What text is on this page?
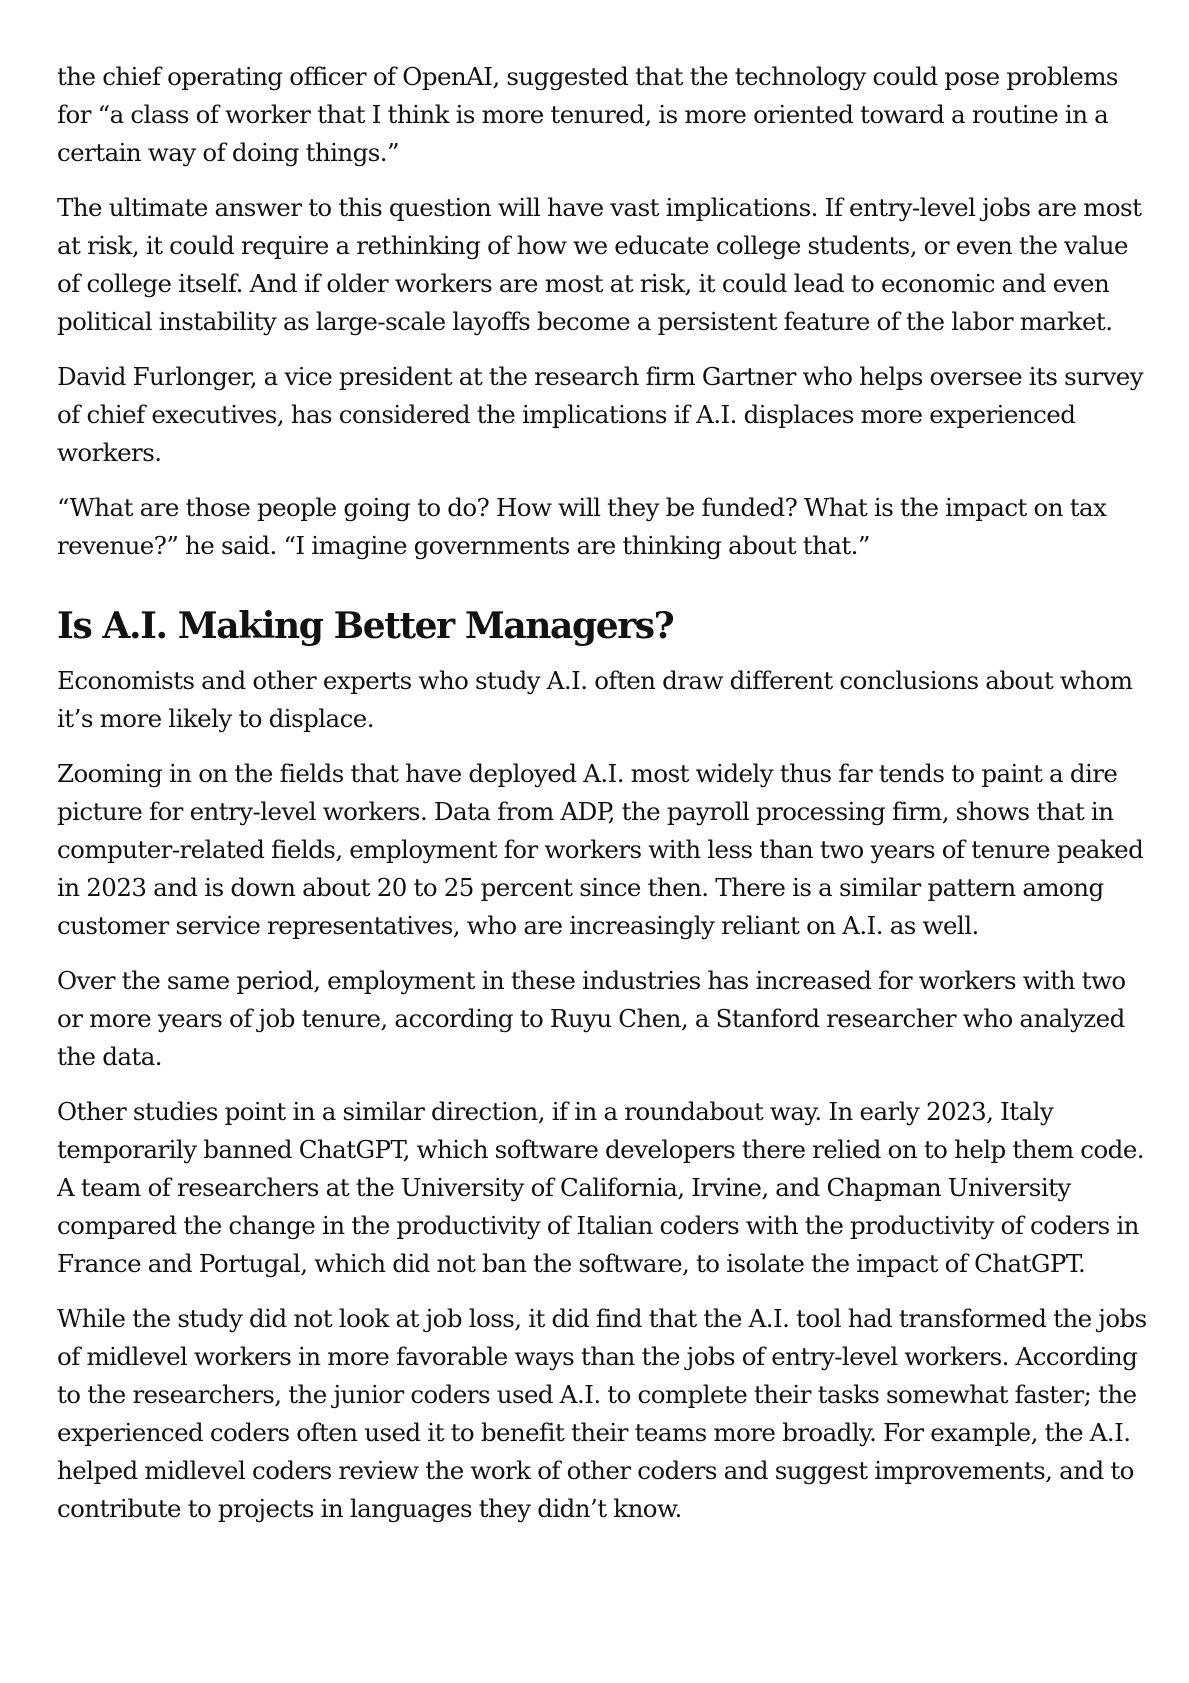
the chief operating officer of OpenAI, suggested that the technology could pose problems for “a class of worker that I think is more tenured, is more oriented toward a routine in a certain way of doing things.”

The ultimate answer to this question will have vast implications. If entry-level jobs are most at risk, it could require a rethinking of how we educate college students, or even the value of college itself. And if older workers are most at risk, it could lead to economic and even political instability as large-scale layoffs become a persistent feature of the labor market.

David Furlonger, a vice president at the research firm Gartner who helps oversee its survey of chief executives, has considered the implications if A.I. displaces more experienced workers.

“What are those people going to do? How will they be funded? What is the impact on tax revenue?” he said. “I imagine governments are thinking about that.”

Is A.I. Making Better Managers?

Economists and other experts who study A.I. often draw different conclusions about whom it’s more likely to displace.

Zooming in on the fields that have deployed A.I. most widely thus far tends to paint a dire picture for entry-level workers. Data from ADP, the payroll processing firm, shows that in computer-related fields, employment for workers with less than two years of tenure peaked in 2023 and is down about 20 to 25 percent since then. There is a similar pattern among customer service representatives, who are increasingly reliant on A.I. as well.

Over the same period, employment in these industries has increased for workers with two or more years of job tenure, according to Ruyu Chen, a Stanford researcher who analyzed the data.

Other studies point in a similar direction, if in a roundabout way. In early 2023, Italy temporarily banned ChatGPT, which software developers there relied on to help them code. A team of researchers at the University of California, Irvine, and Chapman University compared the change in the productivity of Italian coders with the productivity of coders in France and Portugal, which did not ban the software, to isolate the impact of ChatGPT.

While the study did not look at job loss, it did find that the A.I. tool had transformed the jobs of midlevel workers in more favorable ways than the jobs of entry-level workers. According to the researchers, the junior coders used A.I. to complete their tasks somewhat faster; the experienced coders often used it to benefit their teams more broadly. For example, the A.I. helped midlevel coders review the work of other coders and suggest improvements, and to contribute to projects in languages they didn’t know.
